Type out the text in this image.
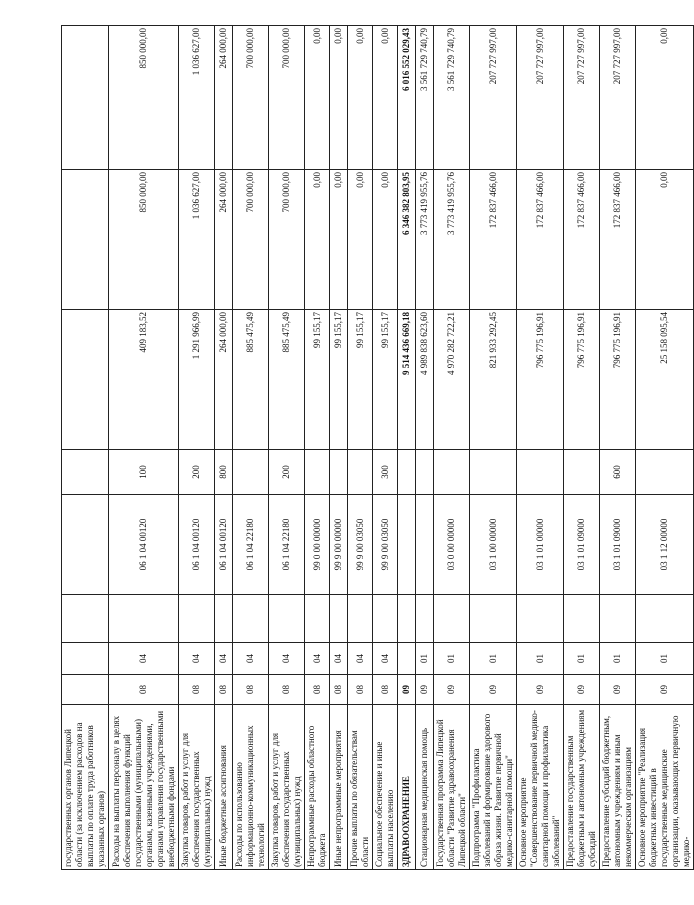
государственных органов Липецкой области (за исключением расходов на выплаты по оплате труда работников указанных органов)								
Расходы на выплаты персоналу в целях обеспечения выполнения функций государственными (муниципальными) органами, казенными учреждениями, органами управления государственными внебюджетными фондами	08	04		06 1 04 00120	100	409 183,52	850 000,00	850 000,00
Закупка товаров, работ и услуг для обеспечения государственных (муниципальных) нужд	08	04		06 1 04 00120	200	1 291 966,99	1 036 627,00	1 036 627,00
Иные бюджетные ассигнования	08	04		06 1 04 00120	800	264 000,00	264 000,00	264 000,00
Расходы по использованию информационно-коммуникационных технологий	08	04		06 1 04 22180		885 475,49	700 000,00	700 000,00
Закупка товаров, работ и услуг для обеспечения государственных (муниципальных) нужд	08	04		06 1 04 22180	200	885 475,49	700 000,00	700 000,00
Непрограммные расходы областного бюджета	08	04		99 0 00 00000		99 155,17	0,00	0,00
Иные непрограммные мероприятия	08	04		99 9 00 00000		99 155,17	0,00	0,00
Прочие выплаты по обязательствам области	08	04		99 9 00 03050		99 155,17	0,00	0,00
Социальное обеспечение и иные выплаты населению	08	04		99 9 00 03050	300	99 155,17	0,00	0,00
ЗДРАВООХРАНЕНИЕ	09					9 514 436 669,18	6 346 382 803,95	6 016 552 029,43
Стационарная медицинская помощь	09	01				4 989 838 623,60	3 773 419 955,76	3 561 729 740,79
Государственная программа Липецкой области "Развитие здравоохранения Липецкой области"	09	01		03 0 00 00000		4 970 282 722,21	3 773 419 955,76	3 561 729 740,79
Подпрограмма "Профилактика заболеваний и формирование здорового образа жизни. Развитие первичной медико-санитарной помощи"	09	01		03 1 00 00000		821 933 292,45	172 837 466,00	207 727 997,00
Основное мероприятие "Совершенствование первичной медико-санитарной помощи и профилактика заболеваний"	09	01		03 1 01 00000		796 775 196,91	172 837 466,00	207 727 997,00
Предоставление государственным бюджетным и автономным учреждениям субсидий	09	01		03 1 01 09000		796 775 196,91	172 837 466,00	207 727 997,00
Предоставление субсидий бюджетным, автономным учреждениям и иным некоммерческим организациям	09	01		03 1 01 09000	600	796 775 196,91	172 837 466,00	207 727 997,00
Основное мероприятие "Реализация бюджетных инвестиций в государственные медицинские организации, оказывающих первичную медико-	09	01		03 1 12 00000		25 158 095,54	0,00	0,00
